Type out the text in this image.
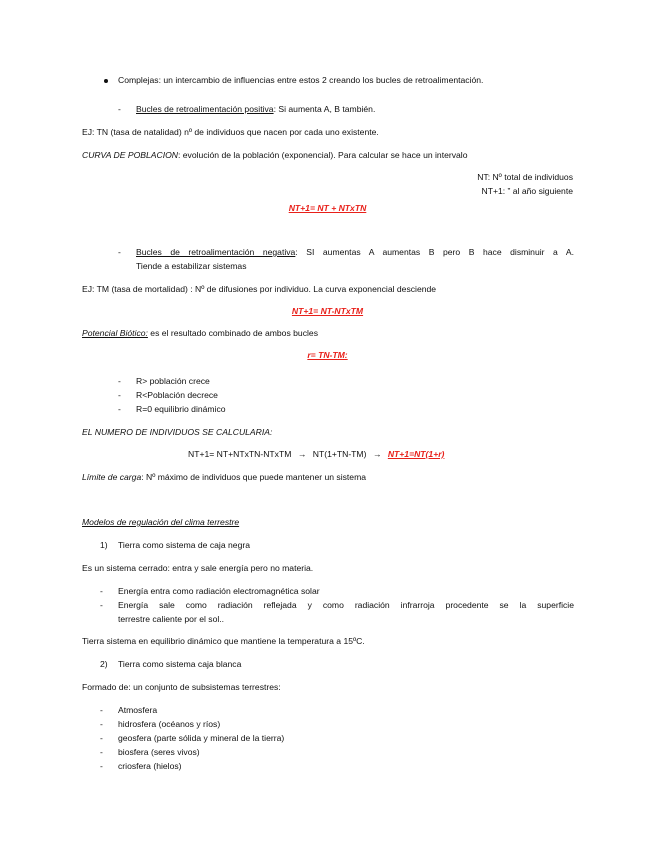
Complejas: un intercambio de influencias entre estos 2 creando los bucles de retroalimentación.
- Bucles de retroalimentación positiva: Si aumenta A, B también.
EJ: TN (tasa de natalidad) nº de individuos que nacen por cada uno existente.
CURVA DE POBLACION: evolución de la población (exponencial). Para calcular se hace un intervalo
NT: Nº total de individuos
NT+1: ” al año siguiente
NT+1= NT + NTxTN
- Bucles de retroalimentación negativa: SI aumentas A aumentas B pero B hace disminuir a A.
Tiende a estabilizar sistemas
EJ: TM (tasa de mortalidad) : Nº de difusiones por individuo. La curva exponencial desciende
NT+1= NT-NTxTM
Potencial Biótico: es el resultado combinado de ambos bucles
r= TN-TM:
- R> población crece
- R<Población decrece
- R=0 equilibrio dinámico
EL NUMERO DE INDIVIDUOS SE CALCULARIA:
NT+1= NT+NTxTN-NTxTM → NT(1+TN-TM) → NT+1=NT(1+r)
Límite de carga: Nº máximo de individuos que puede mantener un sistema
Modelos de regulación del clima terrestre
1) Tierra como sistema de caja negra
Es un sistema cerrado: entra y sale energía pero no materia.
- Energía entra como radiación electromagnética solar
- Energía sale como radiación reflejada y como radiación infrarroja procedente se la superficie
terrestre caliente por el sol..
Tierra sistema en equilibrio dinámico que mantiene la temperatura a 15ºC.
2) Tierra como sistema caja blanca
Formado de: un conjunto de subsistemas terrestres:
- Atmosfera
- hidrosfera (océanos y ríos)
- geosfera (parte sólida y mineral de la tierra)
- biosfera (seres vivos)
- criosfera (hielos)
